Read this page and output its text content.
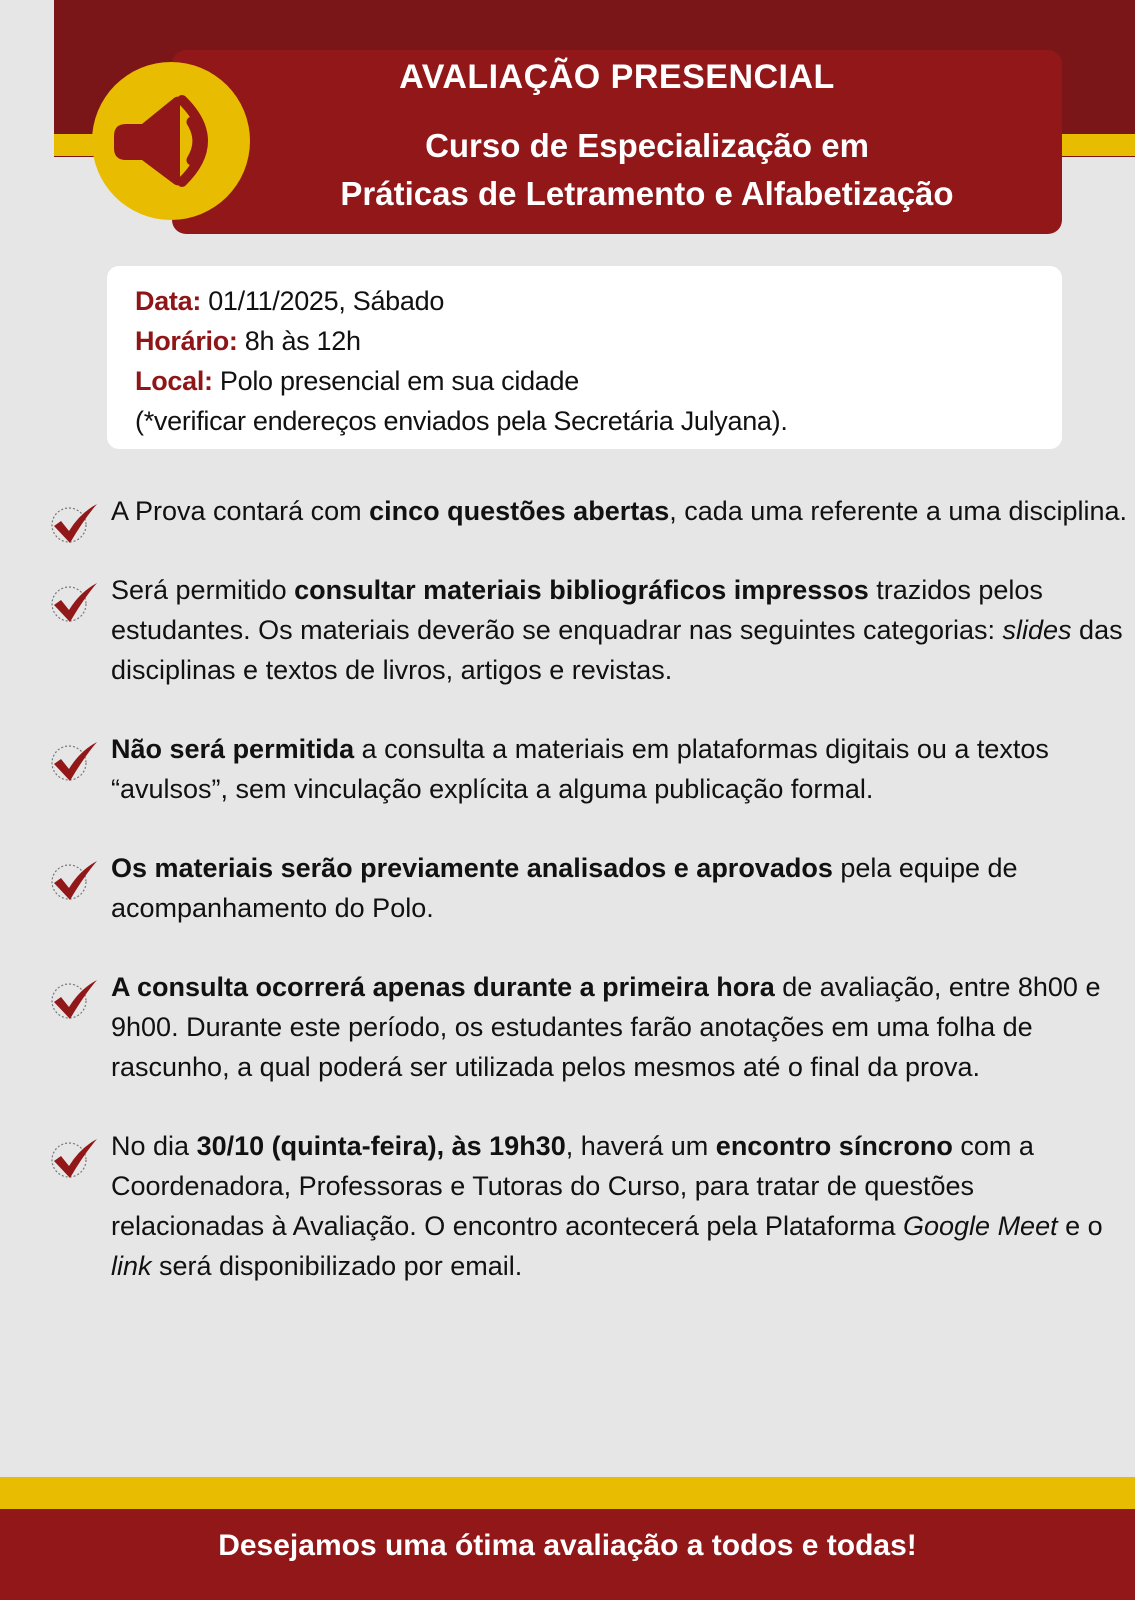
AVALIAÇÃO PRESENCIAL
Curso de Especialização em
Práticas de Letramento e Alfabetização
Data: 01/11/2025, Sábado
Horário: 8h às 12h
Local: Polo presencial em sua cidade
(*verificar endereços enviados pela Secretária Julyana).
A Prova contará com cinco questões abertas, cada uma referente a uma disciplina.
Será permitido consultar materiais bibliográficos impressos trazidos pelos estudantes. Os materiais deverão se enquadrar nas seguintes categorias: slides das disciplinas e textos de livros, artigos e revistas.
Não será permitida a consulta a materiais em plataformas digitais ou a textos “avulsos”, sem vinculação explícita a alguma publicação formal.
Os materiais serão previamente analisados e aprovados pela equipe de acompanhamento do Polo.
A consulta ocorrerá apenas durante a primeira hora de avaliação, entre 8h00 e 9h00. Durante este período, os estudantes farão anotações em uma folha de rascunho, a qual poderá ser utilizada pelos mesmos até o final da prova.
No dia 30/10 (quinta-feira), às 19h30, haverá um encontro síncrono com a Coordenadora, Professoras e Tutoras do Curso, para tratar de questões relacionadas à Avaliação. O encontro acontecerá pela Plataforma Google Meet e o link será disponibilizado por email.
Desejamos uma ótima avaliação a todos e todas!
